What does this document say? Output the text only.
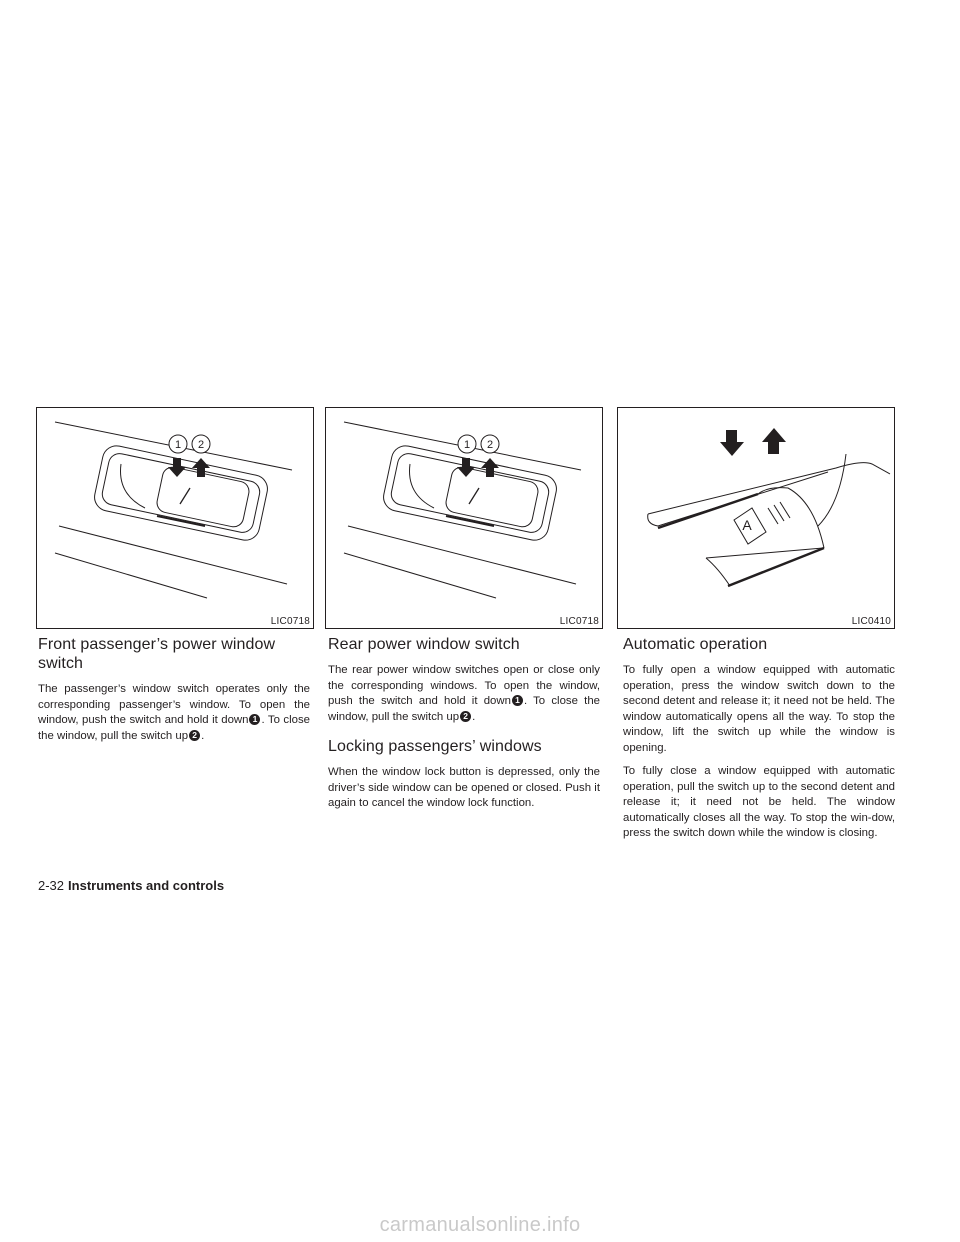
1 2
LIC0718
1 2
LIC0718
A
LIC0410
Front passenger’s power window switch

The passenger’s window switch operates only the corresponding passenger’s window. To open the window, push the switch and hold it down 1 . To close the window, pull the switch up 2 .

Rear power window switch

The rear power window switches open or close only the corresponding windows. To open the window, push the switch and hold it down 1 . To close the window, pull the switch up 2 .

Locking passengers’ windows

When the window lock button is depressed, only the driver’s side window can be opened or closed. Push it again to cancel the window lock function.

Automatic operation

To fully open a window equipped with automatic operation, press the window switch down to the second detent and release it; it need not be held. The window automatically opens all the way. To stop the window, lift the switch up while the window is opening.

To fully close a window equipped with automatic operation, pull the switch up to the second detent and release it; it need not be held. The window automatically closes all the way. To stop the win-dow, press the switch down while the window is closing.

2-32 Instruments and controls
carmanualsonline.info
